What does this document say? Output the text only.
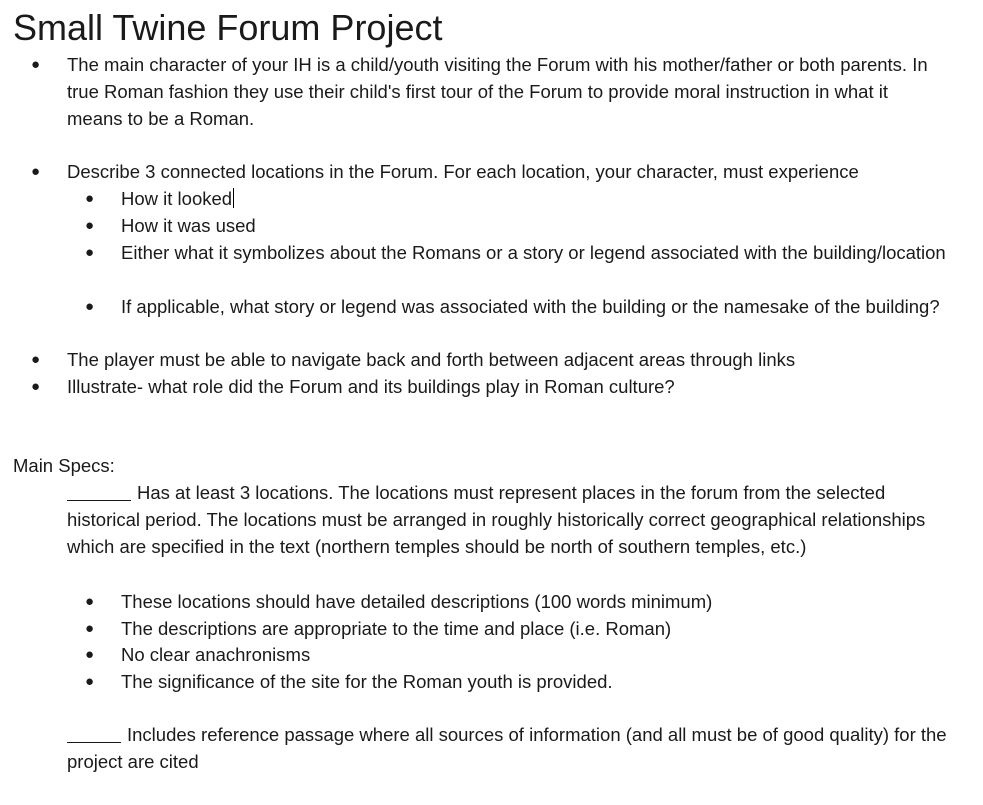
Small Twine Forum Project
● The main character of your IH is a child/youth visiting the Forum with his mother/father or both parents. In true Roman fashion they use their child's first tour of the Forum to provide moral instruction in what it means to be a Roman.

● Describe 3 connected locations in the Forum. For each location, your character, must experience

● How it looked

● How it was used

● Either what it symbolizes about the Romans or a story or legend associated with the building/location

● If applicable, what story or legend was associated with the building or the namesake of the building?

● The player must be able to navigate back and forth between adjacent areas through links

● Illustrate- what role did the Forum and its buildings play in Roman culture?

Main Specs:

Has at least 3 locations. The locations must represent places in the forum from the selected historical period. The locations must be arranged in roughly historically correct geographical relationships which are specified in the text (northern temples should be north of southern temples, etc.)

● These locations should have detailed descriptions (100 words minimum)

● The descriptions are appropriate to the time and place (i.e. Roman)

● No clear anachronisms

● The significance of the site for the Roman youth is provided.

Includes reference passage where all sources of information (and all must be of good quality) for the project are cited
